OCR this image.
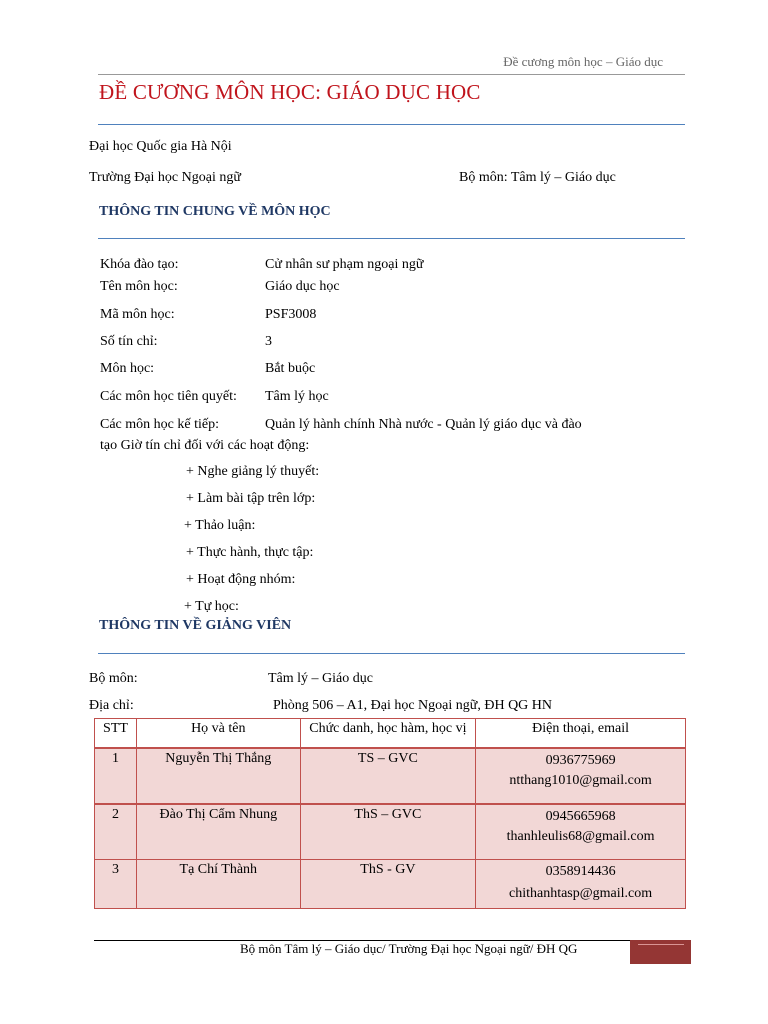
Đề cương môn học – Giáo dục
ĐỀ CƯƠNG MÔN HỌC: GIÁO DỤC HỌC
Đại học Quốc gia Hà Nội
Trường Đại học Ngoại ngữ	Bộ môn: Tâm lý – Giáo dục
THÔNG TIN CHUNG VỀ MÔN HỌC
Khóa đào tạo:	Cử nhân sư phạm ngoại ngữ
Tên môn học:	Giáo dục học
Mã môn học:	PSF3008
Số tín chỉ:	3
Môn học:	Bắt buộc
Các môn học tiên quyết: Tâm lý học
Các môn học kế tiếp:	Quản lý hành chính Nhà nước - Quản lý giáo dục và đào
tạo Giờ tín chỉ đối với các hoạt động:
+ Nghe giảng lý thuyết:
+ Làm bài tập trên lớp:
+ Thảo luận:
+ Thực hành, thực tập:
+ Hoạt động nhóm:
+ Tự học:
THÔNG TIN VỀ GIẢNG VIÊN
Bộ môn:	Tâm lý – Giáo dục
Địa chỉ:	Phòng 506 – A1, Đại học Ngoại ngữ, ĐH QG HN
STT	Họ và tên	Chức danh, học hàm, học vị	Điện thoại, email
1	Nguyễn Thị Thắng	TS – GVC	0936775969
ntthang1010@gmail.com

2	Đào Thị Cẩm Nhung	ThS – GVC	0945665968
thanhleulis68@gmail.com

3	Tạ Chí Thành	ThS - GV	0358914436
chithanhtasp@gmail.com
Bộ môn Tâm lý – Giáo dục/ Trường Đại học Ngoại ngữ/ ĐH QG
